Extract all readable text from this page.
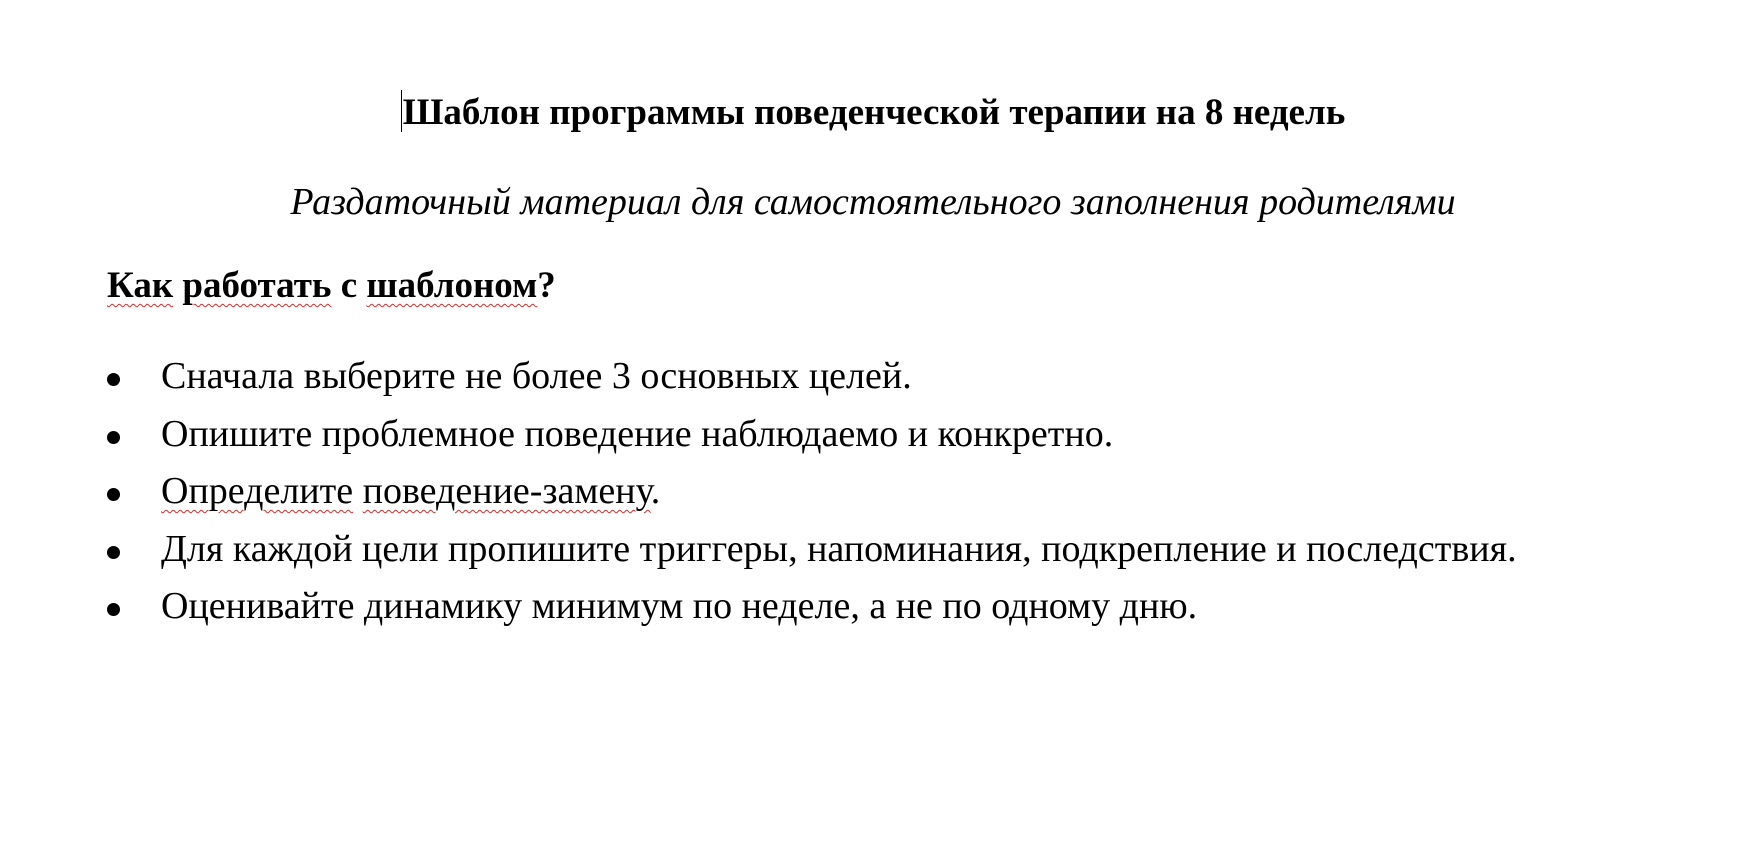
Шаблон программы поведенческой терапии на 8 недель
Раздаточный материал для самостоятельного заполнения родителями
Как работать с шаблоном?
Сначала выберите не более 3 основных целей.
Опишите проблемное поведение наблюдаемо и конкретно.
Определите поведение-замену.
Для каждой цели пропишите триггеры, напоминания, подкрепление и последствия.
Оценивайте динамику минимум по неделе, а не по одному дню.
